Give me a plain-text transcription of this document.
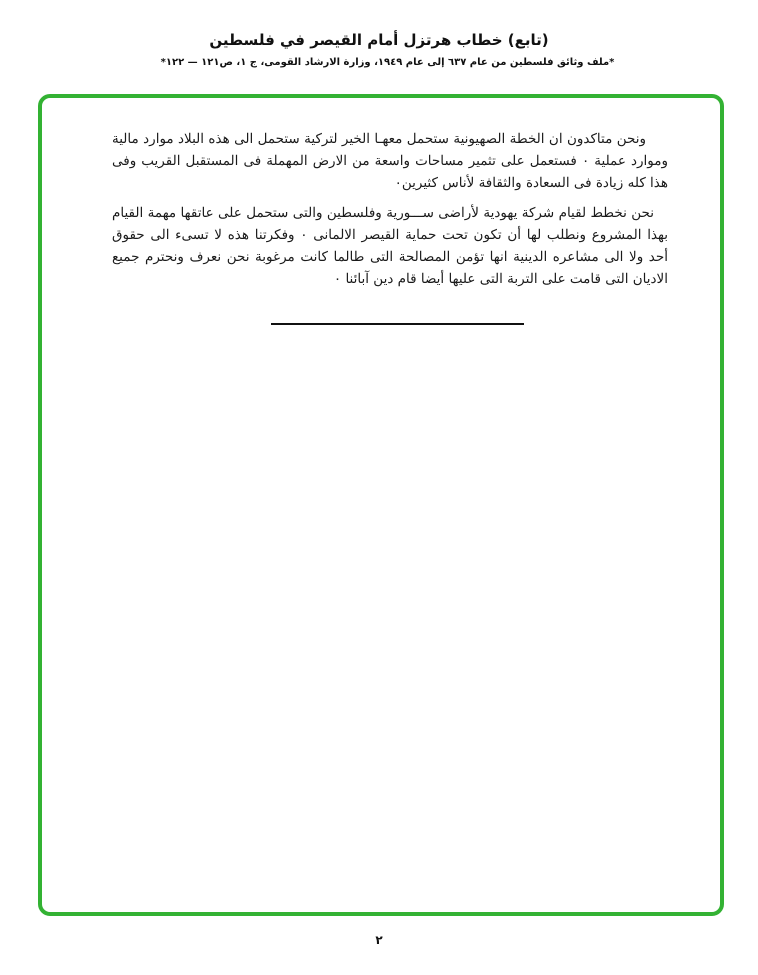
(تابع) خطاب هرتزل أمام القيصر في فلسطين

*ملف وثائق فلسطين من عام ٦٣٧ إلى عام ١٩٤٩، وزارة الارشاد القومى، ج ١، ص١٢١ — ١٢٢*

ونحن متاكدون ان الخطة الصهيونية ستحمل معهـا الخير لتركية ستحمل الى هذه البلاد موارد مالية وموارد عملية ٠ فستعمل على تثمير مساحات واسعة من الارض المهملة فى المستقبل القريب وفى هذا كله زيادة فى السعادة والثقافة لأناس كثيرين٠

نحن نخطط لقيام شركة يهودية لأراضى ســـورية وفلسطين والتى ستحمل على عاتقها مهمة القيام بهذا المشروع ونطلب لها أن تكون تحت حماية القيصر الالمانى ٠ وفكرتنا هذه لا تسىء الى حقوق أحد ولا الى مشاعره الدينية انها تؤمن المصالحة التى طالما كانت مرغوبة نحن نعرف ونحترم جميع الاديان التى قامت على التربة التى عليها أيضا قام دين آبائنا ٠

٢
